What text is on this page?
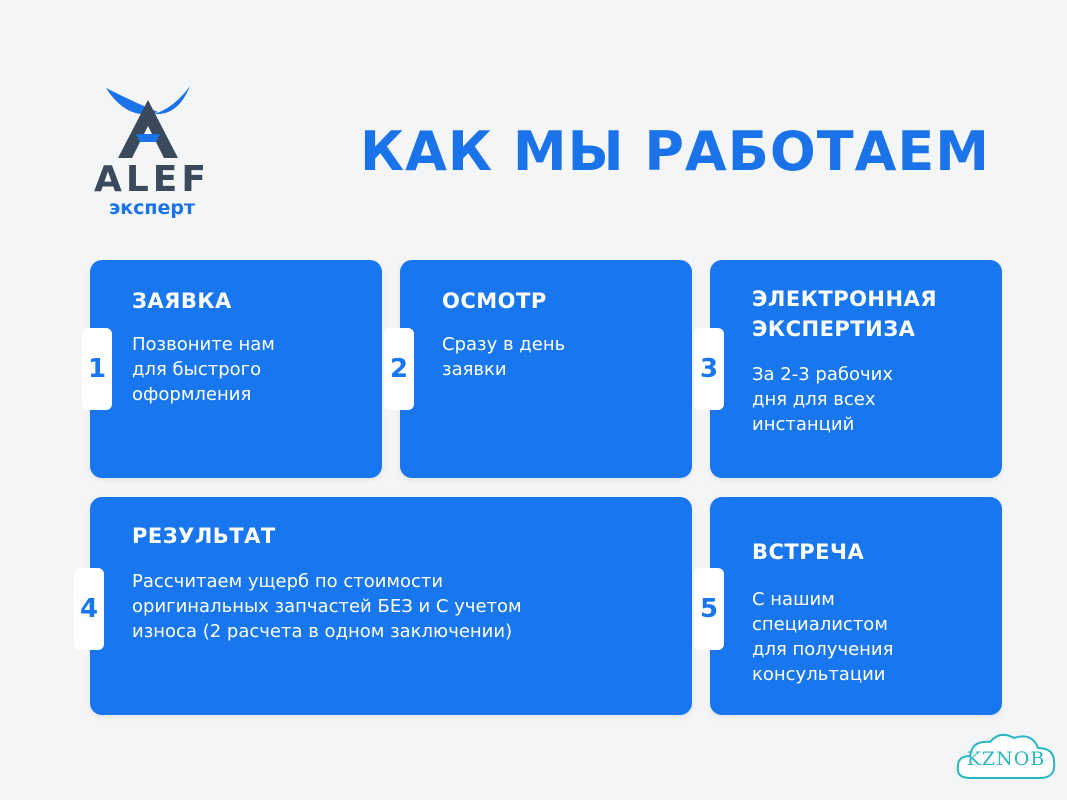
ALEF
эксперт
КАК МЫ РАБОТАЕМ
ЗАЯВКА
Позвоните нам
для быстрого
оформления
1
ОСМОТР
Сразу в день
заявки
2
ЭЛЕКТРОННАЯ
ЭКСПЕРТИЗА
За 2-3 рабочих
дня для всех
инстанций
3
РЕЗУЛЬТАТ
Рассчитаем ущерб по стоимости
оригинальных запчастей БЕЗ и С учетом
износа (2 расчета в одном заключении)
4
ВСТРЕЧА
С нашим
специалистом
для получения
консультации
5
KZNOB
